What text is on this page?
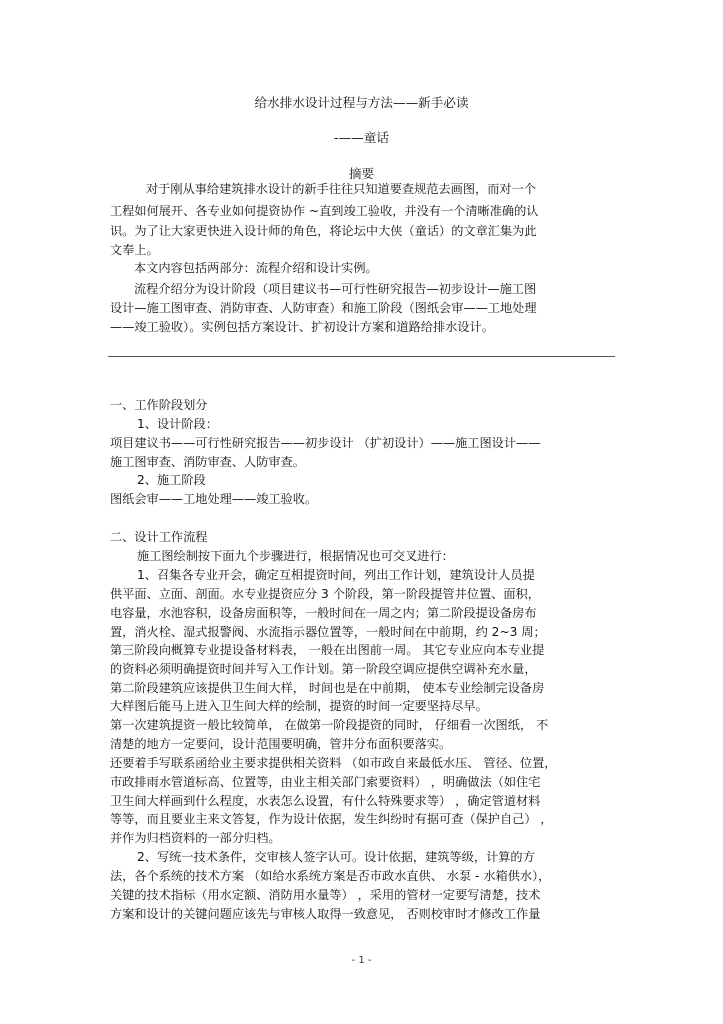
给水排水设计过程与方法——新手必读
-——童话
摘要
对于刚从事给建筑排水设计的新手往往只知道要查规范去画图，而对一个
工程如何展开、各专业如何提资协作 ~直到竣工验收，并没有一个清晰准确的认
识。为了让大家更快进入设计师的角色，将论坛中大侠（童话）的文章汇集为此
文奉上。
本文内容包括两部分：流程介绍和设计实例。
流程介绍分为设计阶段（项目建议书—可行性研究报告—初步设计—施工图
设计—施工图审查、消防审查、人防审查）和施工阶段（图纸会审——工地处理
——竣工验收）。实例包括方案设计、扩初设计方案和道路给排水设计。
一、工作阶段划分
1、设计阶段：
项目建议书——可行性研究报告——初步设计 （扩初设计）——施工图设计——
施工图审查、消防审查、人防审查。
2、施工阶段
图纸会审——工地处理——竣工验收。
二、设计工作流程
施工图绘制按下面九个步骤进行，根据情况也可交叉进行：
1、召集各专业开会，确定互相提资时间，列出工作计划，建筑设计人员提
供平面、立面、剖面。水专业提资应分 3 个阶段，第一阶段提管井位置、面积，
电容量，水池容积，设备房面积等，一般时间在一周之内；第二阶段提设备房布
置，消火栓、湿式报警阀、水流指示器位置等，一般时间在中前期，约 2~3 周；
第三阶段向概算专业提设备材料表， 一般在出图前一周。 其它专业应向本专业提
的资料必须明确提资时间并写入工作计划。第一阶段空调应提供空调补充水量，
第二阶段建筑应该提供卫生间大样， 时间也是在中前期， 使本专业绘制完设备房
大样图后能马上进入卫生间大样的绘制，提资的时间一定要坚持尽早。
第一次建筑提资一般比较简单， 在做第一阶段提资的同时， 仔细看一次图纸， 不
清楚的地方一定要问，设计范围要明确，管井分布面积要落实。
还要着手写联系函给业主要求提供相关资料 （如市政自来最低水压、 管径、位置，
市政排雨水管道标高、位置等，由业主相关部门索要资料） ，明确做法（如住宅
卫生间大样画到什么程度，水表怎么设置，有什么特殊要求等） ，确定管道材料
等等，而且要业主来文答复，作为设计依据，发生纠纷时有据可查（保护自己） ，
并作为归档资料的一部分归档。
2、写统一技术条件，交审核人签字认可。设计依据，建筑等级，计算的方
法，各个系统的技术方案 （如给水系统方案是否市政水直供、 水泵 - 水箱供水），
关键的技术指标（用水定额、消防用水量等） ，采用的管材一定要写清楚，技术
方案和设计的关键问题应该先与审核人取得一致意见， 否则校审时才修改工作量
- 1 -
